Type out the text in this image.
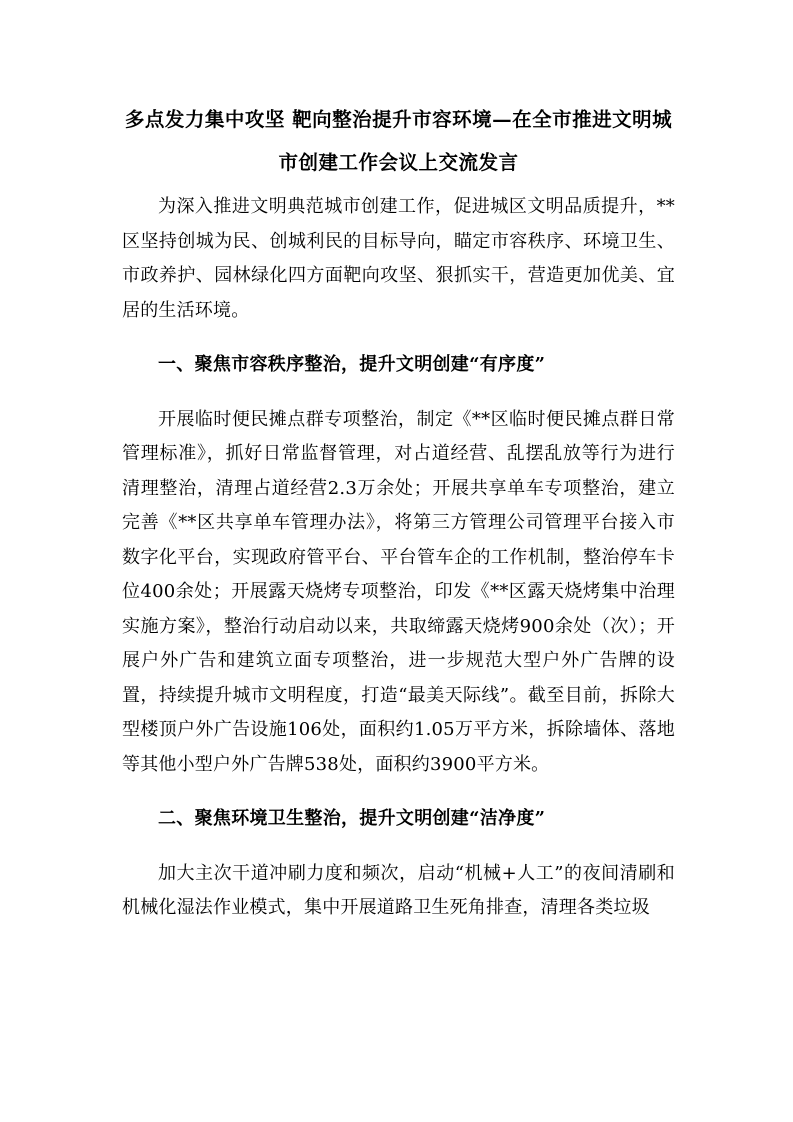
多点发力集中攻坚 靶向整治提升市容环境—在全市推进文明城市创建工作会议上交流发言

为深入推进文明典范城市创建工作，促进城区文明品质提升，**区坚持创城为民、创城利民的目标导向，瞄定市容秩序、环境卫生、市政养护、园林绿化四方面靶向攻坚、狠抓实干，营造更加优美、宜居的生活环境。

一、聚焦市容秩序整治，提升文明创建“有序度”

开展临时便民摊点群专项整治，制定《**区临时便民摊点群日常管理标准》，抓好日常监督管理，对占道经营、乱摆乱放等行为进行清理整治，清理占道经营2.3万余处；开展共享单车专项整治，建立完善《**区共享单车管理办法》，将第三方管理公司管理平台接入市数字化平台，实现政府管平台、平台管车企的工作机制，整治停车卡位400余处；开展露天烧烤专项整治，印发《**区露天烧烤集中治理实施方案》，整治行动启动以来，共取缔露天烧烤900余处（次）；开展户外广告和建筑立面专项整治，进一步规范大型户外广告牌的设置，持续提升城市文明程度，打造“最美天际线”。截至目前，拆除大型楼顶户外广告设施106处，面积约1.05万平方米，拆除墙体、落地等其他小型户外广告牌538处，面积约3900平方米。

二、聚焦环境卫生整治，提升文明创建“洁净度”

加大主次干道冲刷力度和频次，启动“机械+人工”的夜间清刷和机械化湿法作业模式，集中开展道路卫生死角排查，清理各类垃圾
